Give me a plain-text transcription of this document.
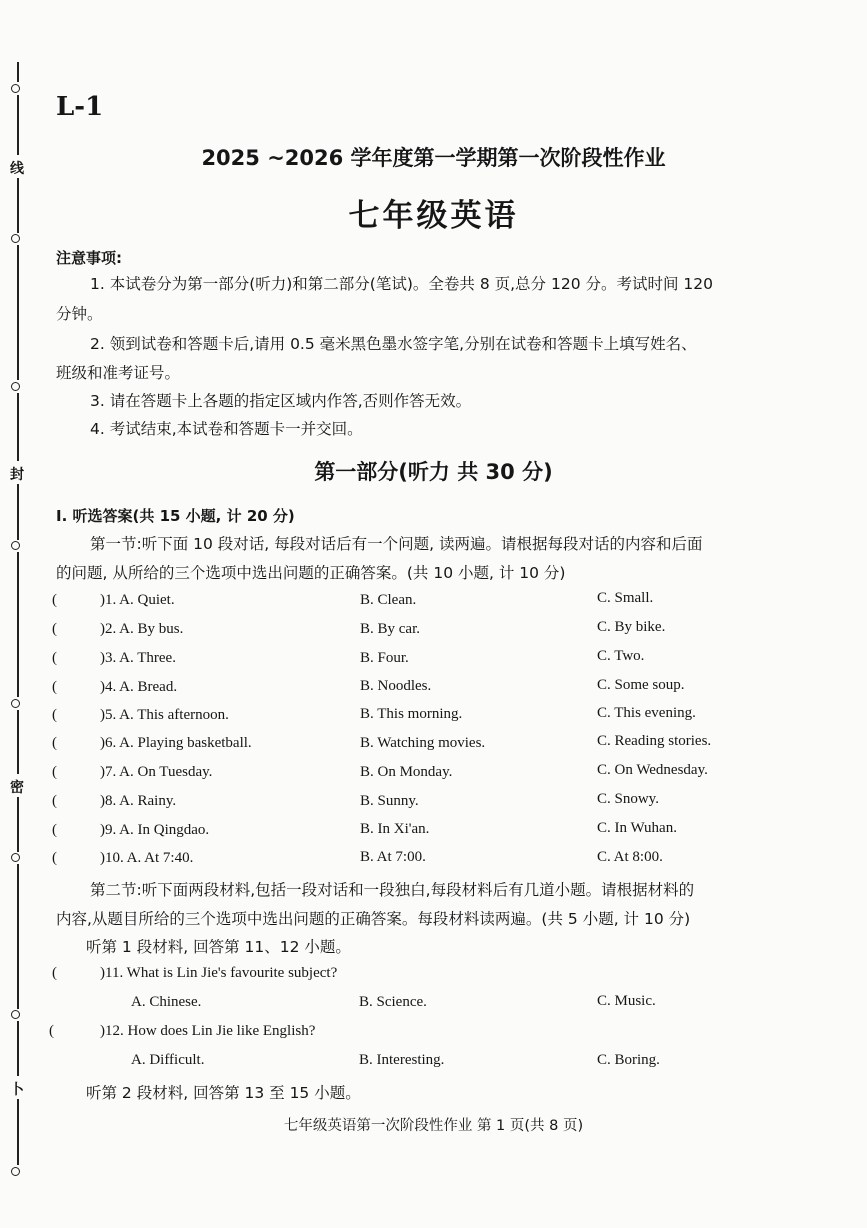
线
封
密
卜
L-1
2025 ~2026 学年度第一学期第一次阶段性作业
七年级英语
注意事项:
1. 本试卷分为第一部分(听力)和第二部分(笔试)。全卷共 8 页,总分 120 分。考试时间 120
分钟。
2. 领到试卷和答题卡后,请用 0.5 毫米黑色墨水签字笔,分别在试卷和答题卡上填写姓名、
班级和准考证号。
3. 请在答题卡上各题的指定区域内作答,否则作答无效。
4. 考试结束,本试卷和答题卡一并交回。
第一部分(听力 共 30 分)
Ⅰ. 听选答案(共 15 小题, 计 20 分)
第一节:听下面 10 段对话, 每段对话后有一个问题, 读两遍。请根据每段对话的内容和后面
的问题, 从所给的三个选项中选出问题的正确答案。(共 10 小题, 计 10 分)
(	)1. A. Quiet.	B. Clean.	C. Small.
(	)2. A. By bus.	B. By car.	C. By bike.
(	)3. A. Three.	B. Four.	C. Two.
(	)4. A. Bread.	B. Noodles.	C. Some soup.
(	)5. A. This afternoon.	B. This morning.	C. This evening.
(	)6. A. Playing basketball.	B. Watching movies.	C. Reading stories.
(	)7. A. On Tuesday.	B. On Monday.	C. On Wednesday.
(	)8. A. Rainy.	B. Sunny.	C. Snowy.
(	)9. A. In Qingdao.	B. In Xi'an.	C. In Wuhan.
(	)10. A. At 7:40.	B. At 7:00.	C. At 8:00.
第二节:听下面两段材料,包括一段对话和一段独白,每段材料后有几道小题。请根据材料的
内容,从题目所给的三个选项中选出问题的正确答案。每段材料读两遍。(共 5 小题, 计 10 分)
听第 1 段材料, 回答第 11、12 小题。
(	)11. What is Lin Jie's favourite subject?
A. Chinese.	B. Science.	C. Music.
(	)12. How does Lin Jie like English?
A. Difficult.	B. Interesting.	C. Boring.
听第 2 段材料, 回答第 13 至 15 小题。
七年级英语第一次阶段性作业 第 1 页(共 8 页)
